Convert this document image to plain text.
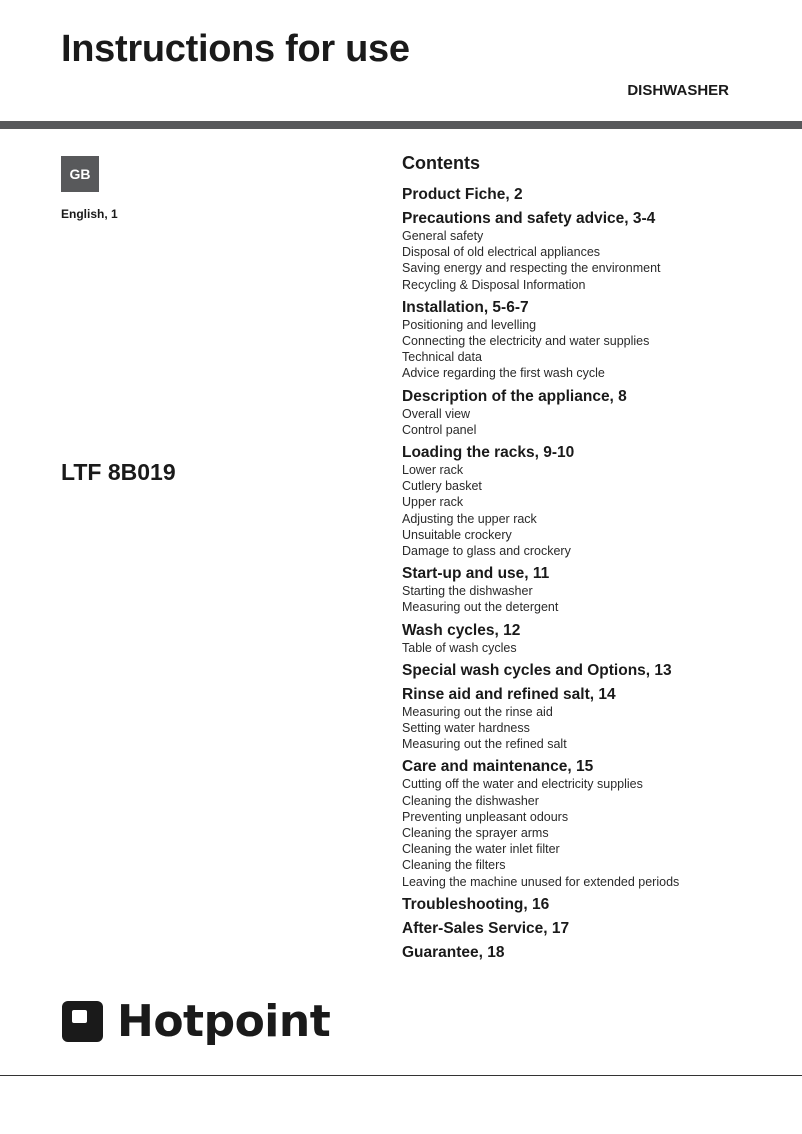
Instructions for use
DISHWASHER
GB
English, 1
LTF 8B019
Contents
Product Fiche, 2
Precautions and safety advice, 3-4
General safety
Disposal of old electrical appliances
Saving energy and respecting the environment
Recycling & Disposal Information
Installation, 5-6-7
Positioning and levelling
Connecting the electricity and water supplies
Technical data
Advice regarding the first wash cycle
Description of the appliance, 8
Overall view
Control panel
Loading the racks, 9-10
Lower rack
Cutlery basket
Upper rack
Adjusting the upper rack
Unsuitable crockery
Damage to glass and crockery
Start-up and use, 11
Starting the dishwasher
Measuring out the detergent
Wash cycles, 12
Table of wash cycles
Special wash cycles and Options, 13
Rinse aid and refined salt, 14
Measuring out the rinse aid
Setting water hardness
Measuring out the refined salt
Care and maintenance, 15
Cutting off the water and electricity supplies
Cleaning the dishwasher
Preventing unpleasant odours
Cleaning the sprayer arms
Cleaning the water inlet filter
Cleaning the filters
Leaving the machine unused for extended periods
Troubleshooting, 16
After-Sales Service, 17
Guarantee, 18
Hotpoint
